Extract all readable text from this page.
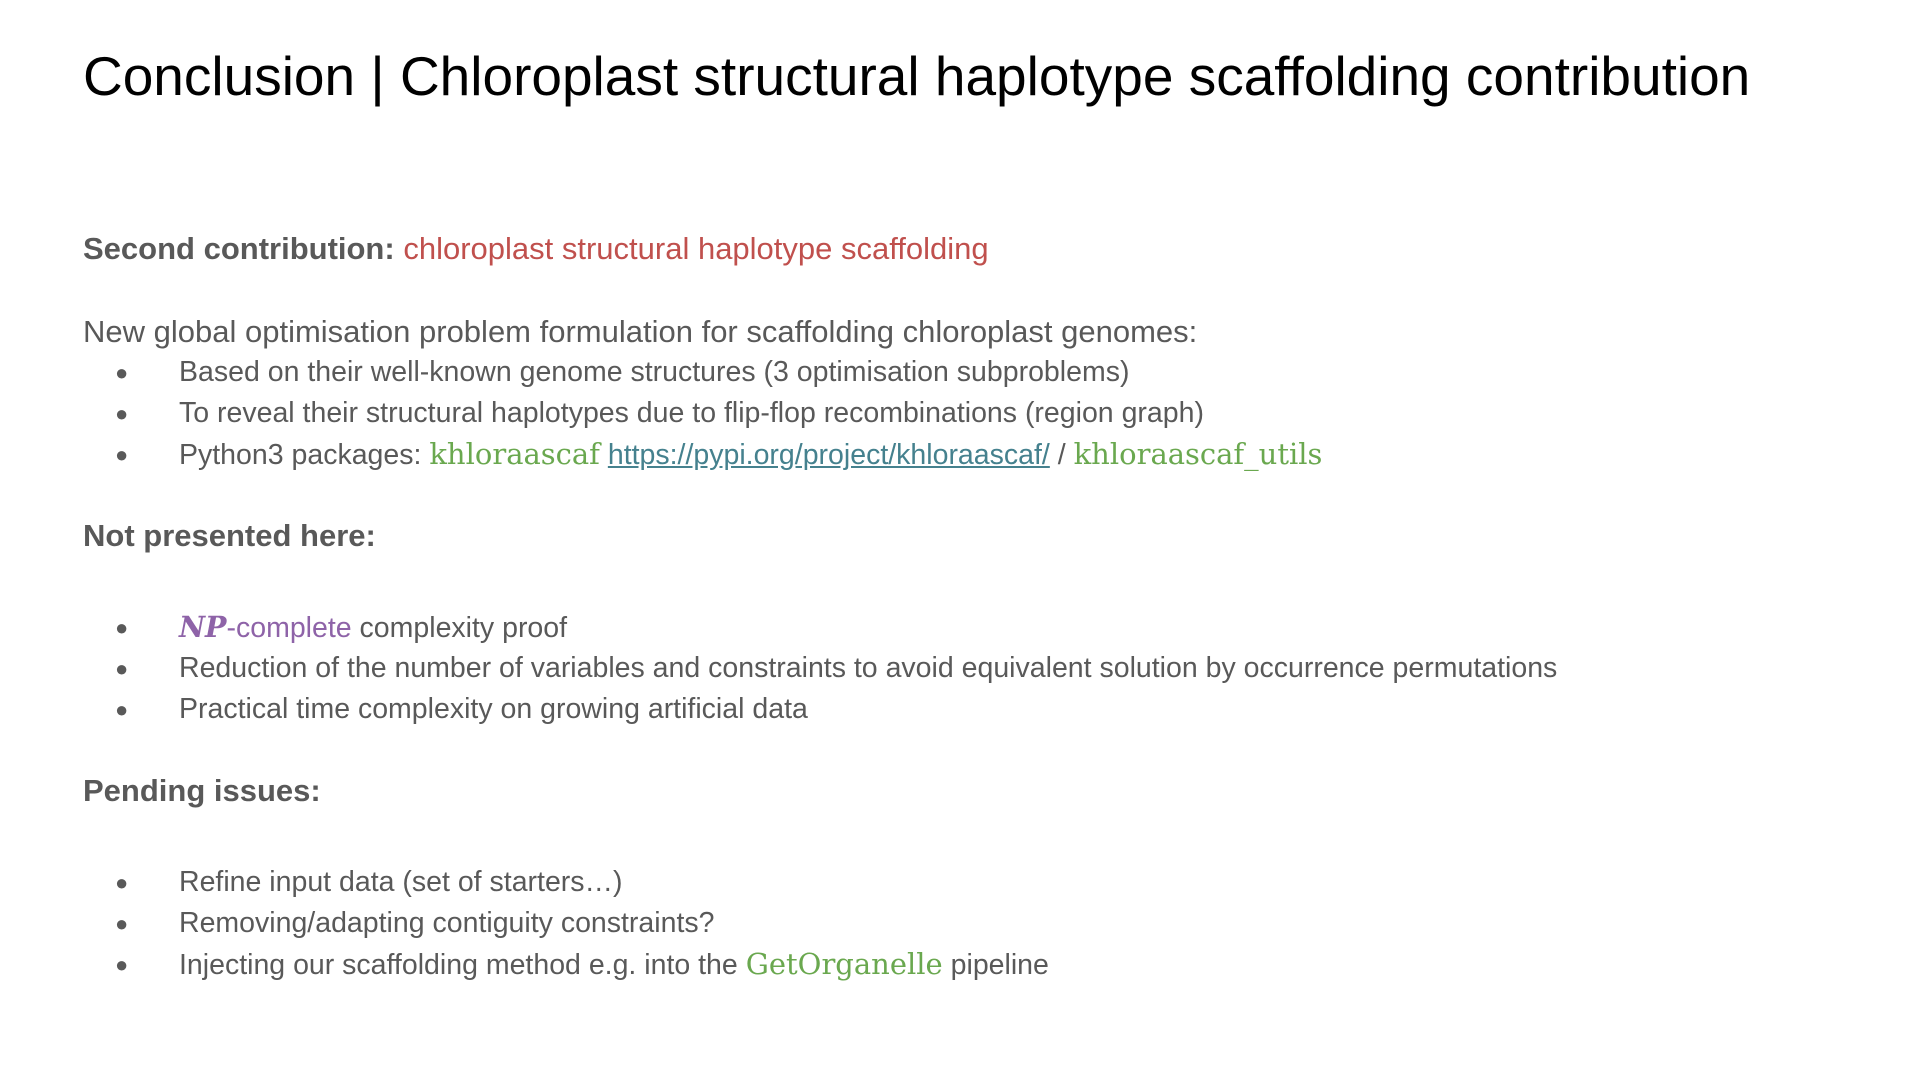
Conclusion | Chloroplast structural haplotype scaffolding contribution
Second contribution: chloroplast structural haplotype scaffolding
New global optimisation problem formulation for scaffolding chloroplast genomes:
● Based on their well-known genome structures (3 optimisation subproblems)
● To reveal their structural haplotypes due to flip-flop recombinations (region graph)
● Python3 packages: khloraascaf https://pypi.org/project/khloraascaf/ / khloraascaf_utils
Not presented here:
● NP-complete complexity proof
● Reduction of the number of variables and constraints to avoid equivalent solution by occurrence permutations
● Practical time complexity on growing artificial data
Pending issues:
● Refine input data (set of starters…)
● Removing/adapting contiguity constraints?
● Injecting our scaffolding method e.g. into the GetOrganelle pipeline
